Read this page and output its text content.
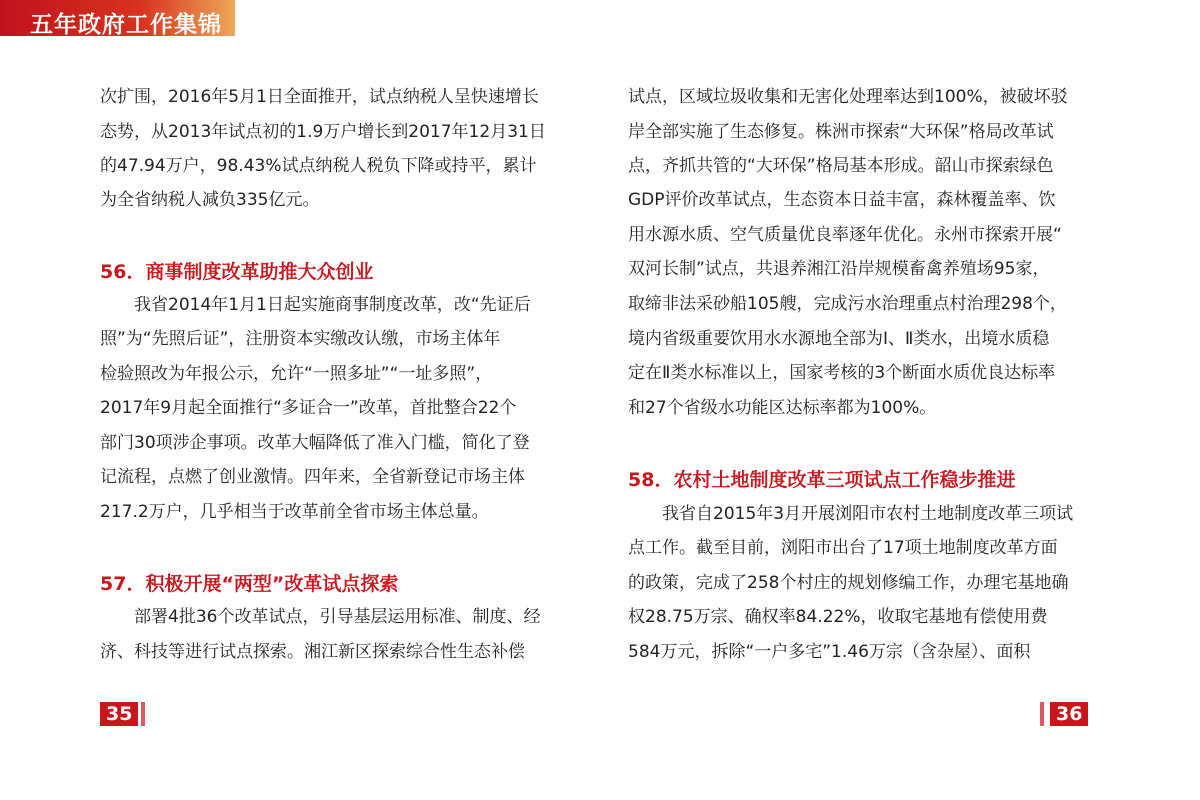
五年政府工作集锦
次扩围，2016年5月1日全面推开，试点纳税人呈快速增长
态势，从2013年试点初的1.9万户增长到2017年12月31日
的47.94万户，98.43%试点纳税人税负下降或持平，累计
为全省纳税人减负335亿元。
56．商事制度改革助推大众创业
我省2014年1月1日起实施商事制度改革，改“先证后
照”为“先照后证”，注册资本实缴改认缴，市场主体年
检验照改为年报公示，允许“一照多址”“一址多照”，
2017年9月起全面推行“多证合一”改革，首批整合22个
部门30项涉企事项。改革大幅降低了准入门槛，简化了登
记流程，点燃了创业激情。四年来，全省新登记市场主体
217.2万户，几乎相当于改革前全省市场主体总量。
57．积极开展“两型”改革试点探索
部署4批36个改革试点，引导基层运用标准、制度、经
济、科技等进行试点探索。湘江新区探索综合性生态补偿
35
试点，区域垃圾收集和无害化处理率达到100%，被破坏驳
岸全部实施了生态修复。株洲市探索“大环保”格局改革试
点，齐抓共管的“大环保”格局基本形成。韶山市探索绿色
GDP评价改革试点，生态资本日益丰富，森林覆盖率、饮
用水源水质、空气质量优良率逐年优化。永州市探索开展“
双河长制”试点，共退养湘江沿岸规模畜禽养殖场95家，
取缔非法采砂船105艘，完成污水治理重点村治理298个，
境内省级重要饮用水水源地全部为Ⅰ、Ⅱ类水，出境水质稳
定在Ⅱ类水标准以上，国家考核的3个断面水质优良达标率
和27个省级水功能区达标率都为100%。
58．农村土地制度改革三项试点工作稳步推进
我省自2015年3月开展浏阳市农村土地制度改革三项试
点工作。截至目前，浏阳市出台了17项土地制度改革方面
的政策，完成了258个村庄的规划修编工作，办理宅基地确
权28.75万宗、确权率84.22%，收取宅基地有偿使用费
584万元，拆除“一户多宅”1.46万宗（含杂屋）、面积
36
